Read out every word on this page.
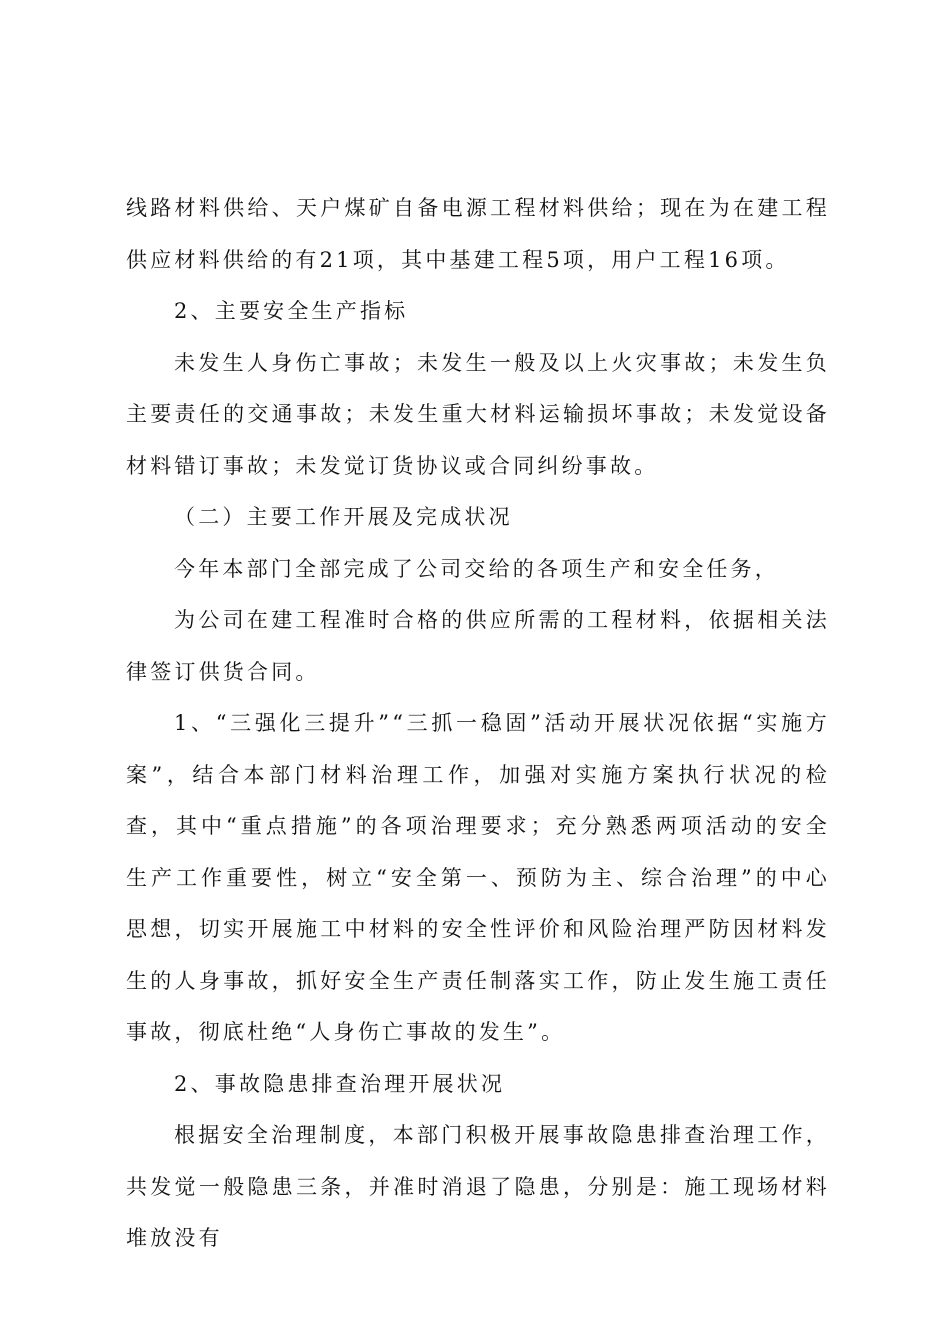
线路材料供给、天户煤矿自备电源工程材料供给；现在为在建工程供应材料供给的有21项，其中基建工程5项，用户工程16项。

2、主要安全生产指标

未发生人身伤亡事故；未发生一般及以上火灾事故；未发生负主要责任的交通事故；未发生重大材料运输损坏事故；未发觉设备材料错订事故；未发觉订货协议或合同纠纷事故。

（二）主要工作开展及完成状况

今年本部门全部完成了公司交给的各项生产和安全任务，

为公司在建工程准时合格的供应所需的工程材料，依据相关法律签订供货合同。

1、“三强化三提升”“三抓一稳固”活动开展状况依据“实施方案”，结合本部门材料治理工作，加强对实施方案执行状况的检查，其中“重点措施”的各项治理要求；充分熟悉两项活动的安全生产工作重要性，树立“安全第一、预防为主、综合治理”的中心思想，切实开展施工中材料的安全性评价和风险治理严防因材料发生的人身事故，抓好安全生产责任制落实工作，防止发生施工责任事故，彻底杜绝“人身伤亡事故的发生”。

2、事故隐患排查治理开展状况

根据安全治理制度，本部门积极开展事故隐患排查治理工作，共发觉一般隐患三条，并准时消退了隐患，分别是：施工现场材料堆放没有
